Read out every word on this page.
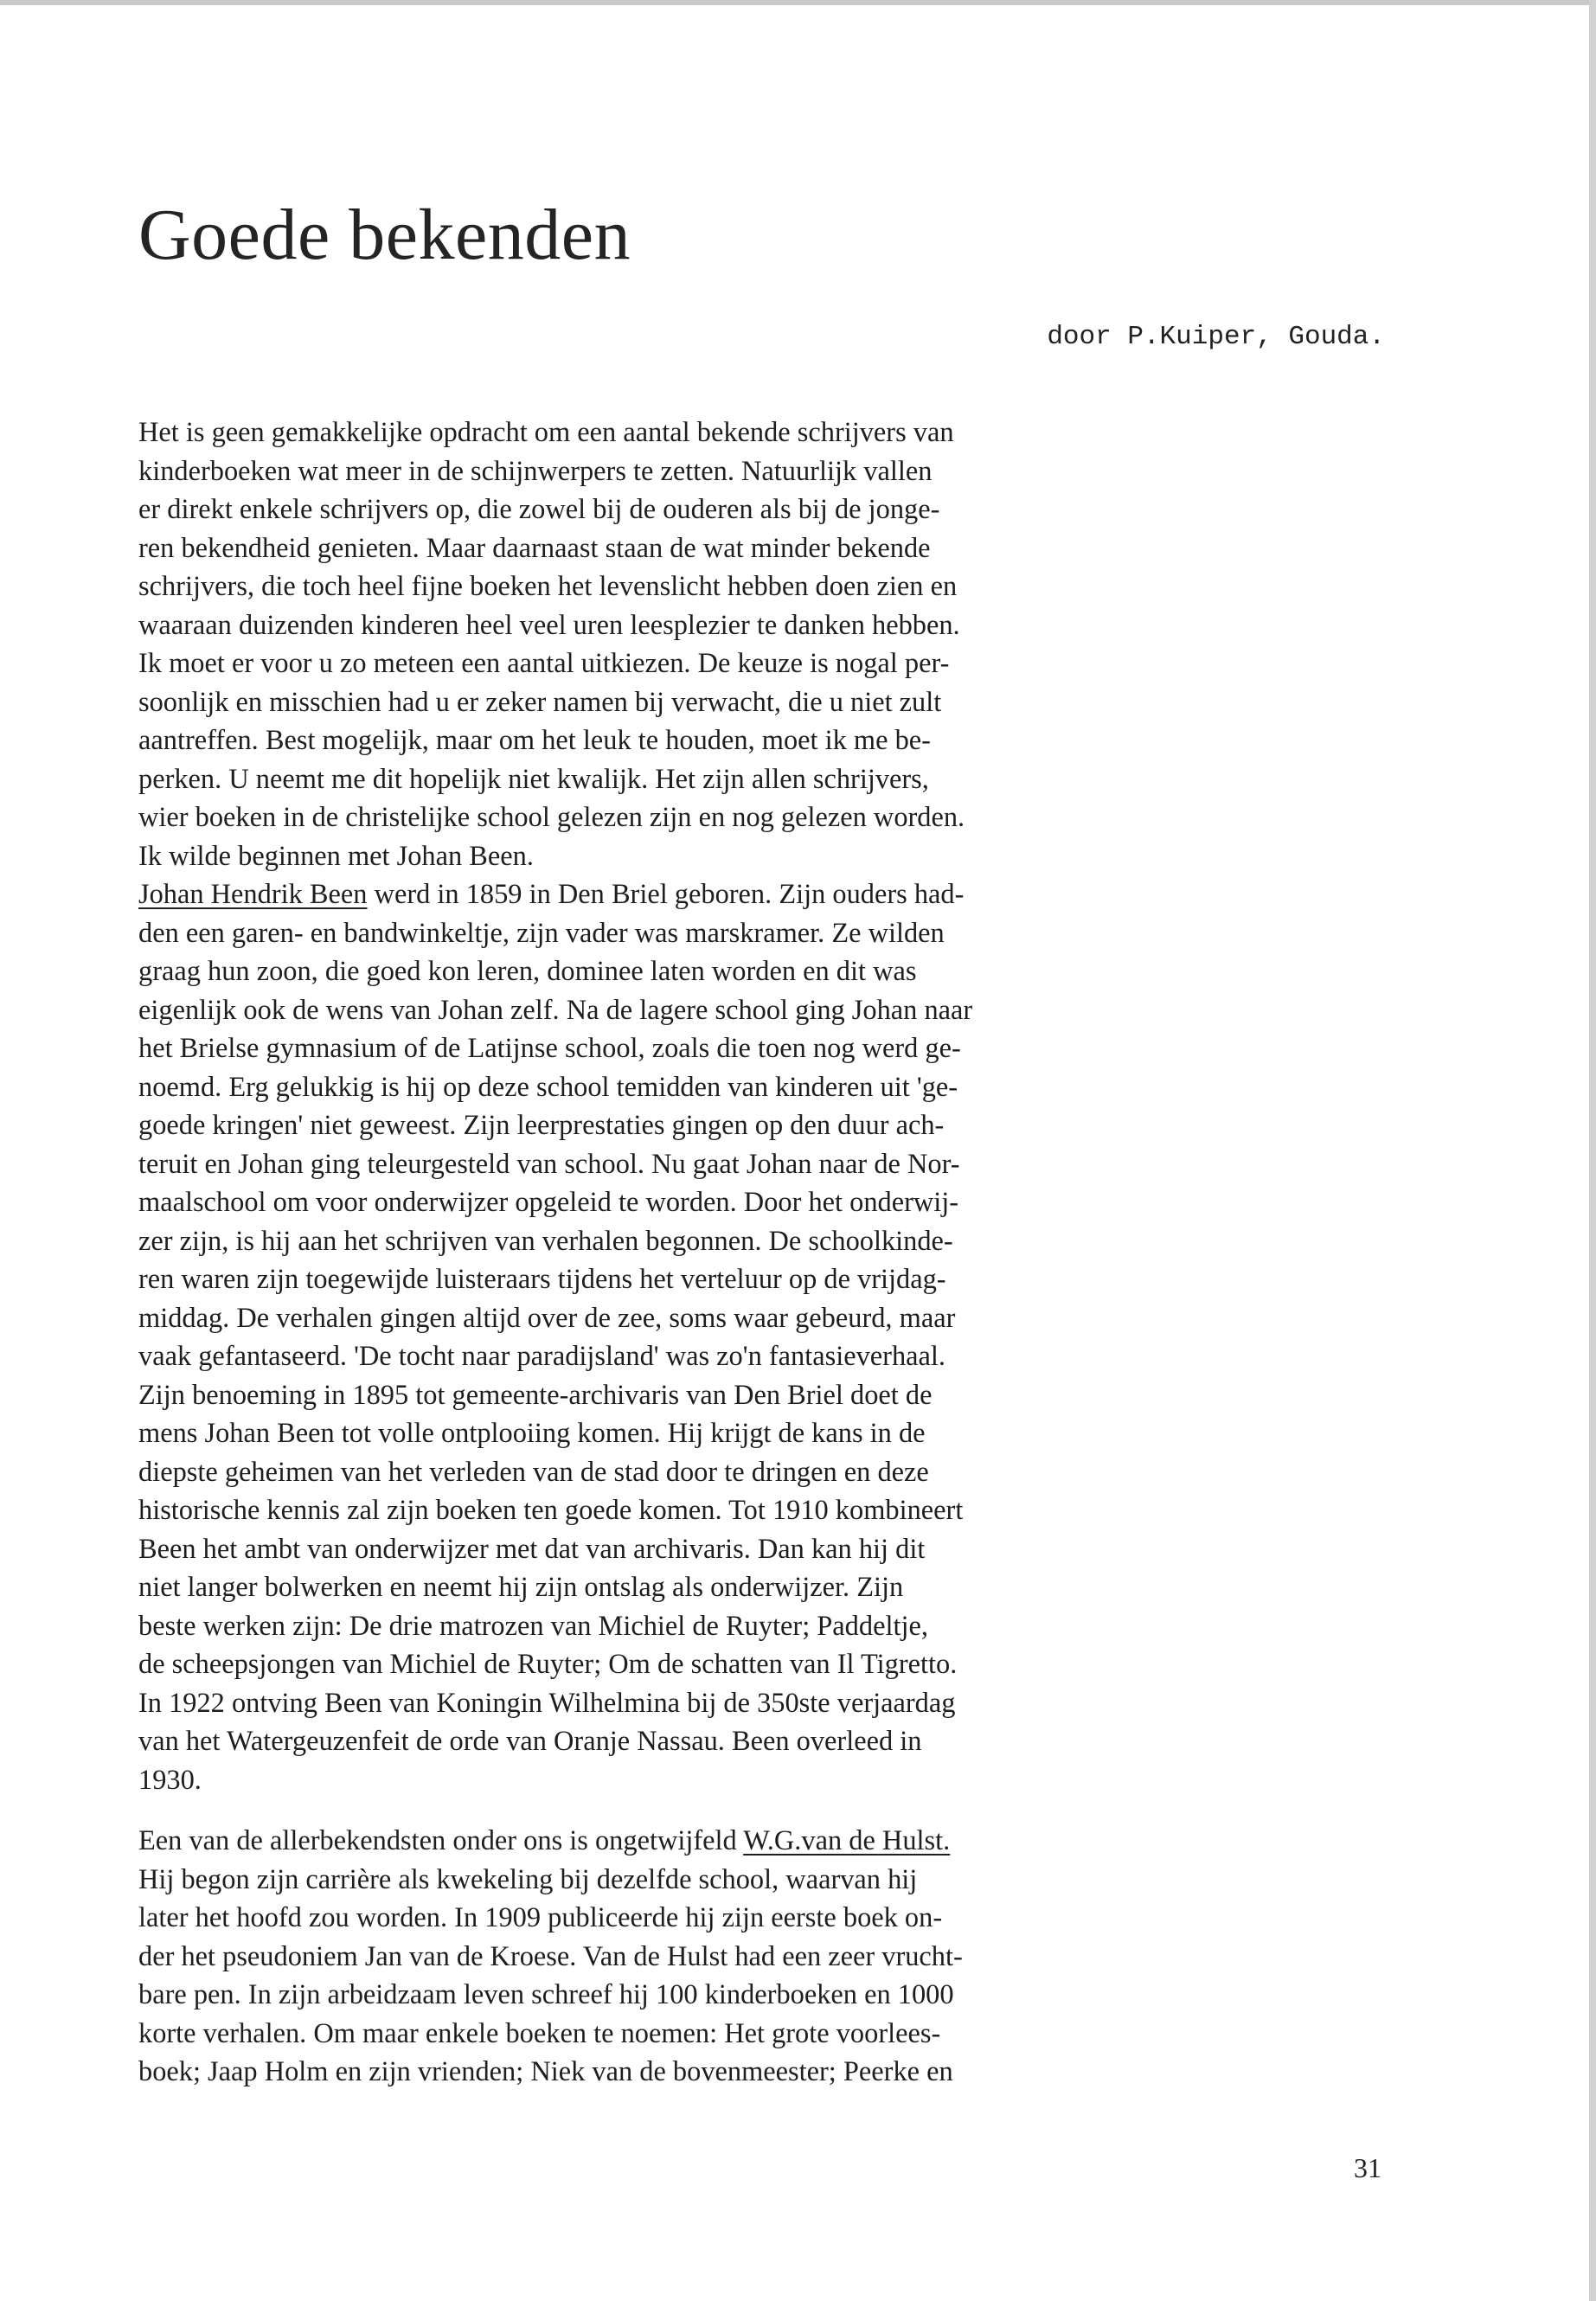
Goede bekenden
door P.Kuiper, Gouda.
Het is geen gemakkelijke opdracht om een aantal bekende schrijvers van
kinderboeken wat meer in de schijnwerpers te zetten. Natuurlijk vallen
er direkt enkele schrijvers op, die zowel bij de ouderen als bij de jonge-
ren bekendheid genieten. Maar daarnaast staan de wat minder bekende
schrijvers, die toch heel fijne boeken het levenslicht hebben doen zien en
waaraan duizenden kinderen heel veel uren leesplezier te danken hebben.
Ik moet er voor u zo meteen een aantal uitkiezen. De keuze is nogal per-
soonlijk en misschien had u er zeker namen bij verwacht, die u niet zult
aantreffen. Best mogelijk, maar om het leuk te houden, moet ik me be-
perken. U neemt me dit hopelijk niet kwalijk. Het zijn allen schrijvers,
wier boeken in de christelijke school gelezen zijn en nog gelezen worden.
Ik wilde beginnen met Johan Been.
Johan Hendrik Been werd in 1859 in Den Briel geboren. Zijn ouders had-
den een garen- en bandwinkeltje, zijn vader was marskramer. Ze wilden
graag hun zoon, die goed kon leren, dominee laten worden en dit was
eigenlijk ook de wens van Johan zelf. Na de lagere school ging Johan naar
het Brielse gymnasium of de Latijnse school, zoals die toen nog werd ge-
noemd. Erg gelukkig is hij op deze school temidden van kinderen uit 'ge-
goede kringen' niet geweest. Zijn leerprestaties gingen op den duur ach-
teruit en Johan ging teleurgesteld van school. Nu gaat Johan naar de Nor-
maalschool om voor onderwijzer opgeleid te worden. Door het onderwij-
zer zijn, is hij aan het schrijven van verhalen begonnen. De schoolkinde-
ren waren zijn toegewijde luisteraars tijdens het verteluur op de vrijdag-
middag. De verhalen gingen altijd over de zee, soms waar gebeurd, maar
vaak gefantaseerd. 'De tocht naar paradijsland' was zo'n fantasieverhaal.
Zijn benoeming in 1895 tot gemeente-archivaris van Den Briel doet de
mens Johan Been tot volle ontplooiing komen. Hij krijgt de kans in de
diepste geheimen van het verleden van de stad door te dringen en deze
historische kennis zal zijn boeken ten goede komen. Tot 1910 kombineert
Been het ambt van onderwijzer met dat van archivaris. Dan kan hij dit
niet langer bolwerken en neemt hij zijn ontslag als onderwijzer. Zijn
beste werken zijn: De drie matrozen van Michiel de Ruyter; Paddeltje,
de scheepsjongen van Michiel de Ruyter; Om de schatten van Il Tigretto.
In 1922 ontving Been van Koningin Wilhelmina bij de 350ste verjaardag
van het Watergeuzenfeit de orde van Oranje Nassau. Been overleed in
1930.
Een van de allerbekendsten onder ons is ongetwijfeld W.G.van de Hulst.
Hij begon zijn carrière als kwekeling bij dezelfde school, waarvan hij
later het hoofd zou worden. In 1909 publiceerde hij zijn eerste boek on-
der het pseudoniem Jan van de Kroese. Van de Hulst had een zeer vrucht-
bare pen. In zijn arbeidzaam leven schreef hij 100 kinderboeken en 1000
korte verhalen. Om maar enkele boeken te noemen: Het grote voorlees-
boek; Jaap Holm en zijn vrienden; Niek van de bovenmeester; Peerke en
31
